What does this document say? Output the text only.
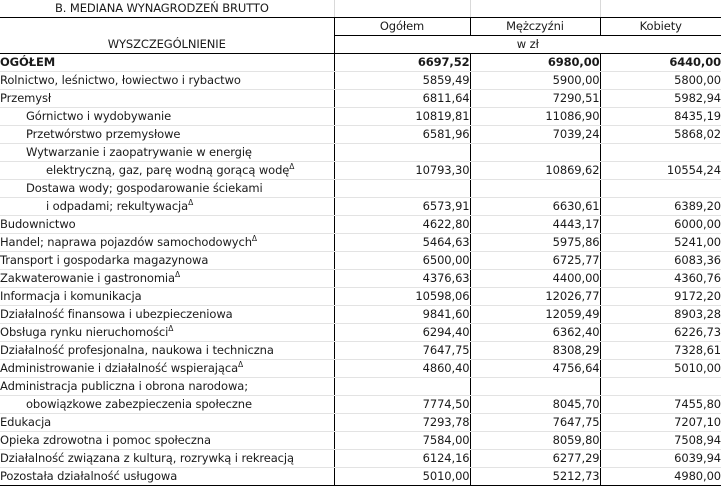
B. MEDIANA WYNAGRODZEŃ BRUTTO
WYSZCZEGÓLNIENIE	Ogółem	Mężczyźni	Kobiety
	w zł		
OGÓŁEM	6697,52	6980,00	6440,00
Rolnictwo, leśnictwo, łowiectwo i rybactwo	5859,49	5900,00	5800,00
Przemysł	6811,64	7290,51	5982,94
Górnictwo i wydobywanie	10819,81	11086,90	8435,19
Przetwórstwo przemysłowe	6581,96	7039,24	5868,02
Wytwarzanie i zaopatrywanie w energię			
elektryczną, gaz, parę wodną gorącą wodę$^\Delta$	10793,30	10869,62	10554,24
Dostawa wody; gospodarowanie ściekami			
i odpadami; rekultywacja$^\Delta$	6573,91	6630,61	6389,20
Budownictwo	4622,80	4443,17	6000,00
Handel; naprawa pojazdów samochodowych$^\Delta$	5464,63	5975,86	5241,00
Transport i gospodarka magazynowa	6500,00	6725,77	6083,36
Zakwaterowanie i gastronomia$^\Delta$	4376,63	4400,00	4360,76
Informacja i komunikacja	10598,06	12026,77	9172,20
Działalność finansowa i ubezpieczeniowa	9841,60	12059,49	8903,28
Obsługa rynku nieruchomości$^\Delta$	6294,40	6362,40	6226,73
Działalność profesjonalna, naukowa i techniczna	7647,75	8308,29	7328,61
Administrowanie i działalność wspierająca$^\Delta$	4860,40	4756,64	5010,00
Administracja publiczna i obrona narodowa;			
obowiązkowe zabezpieczenia społeczne	7774,50	8045,70	7455,80
Edukacja	7293,78	7647,75	7207,10
Opieka zdrowotna i pomoc społeczna	7584,00	8059,80	7508,94
Działalność związana z kulturą, rozrywką i rekreacją	6124,16	6277,29	6039,94
Pozostała działalność usługowa	5010,00	5212,73	4980,00
